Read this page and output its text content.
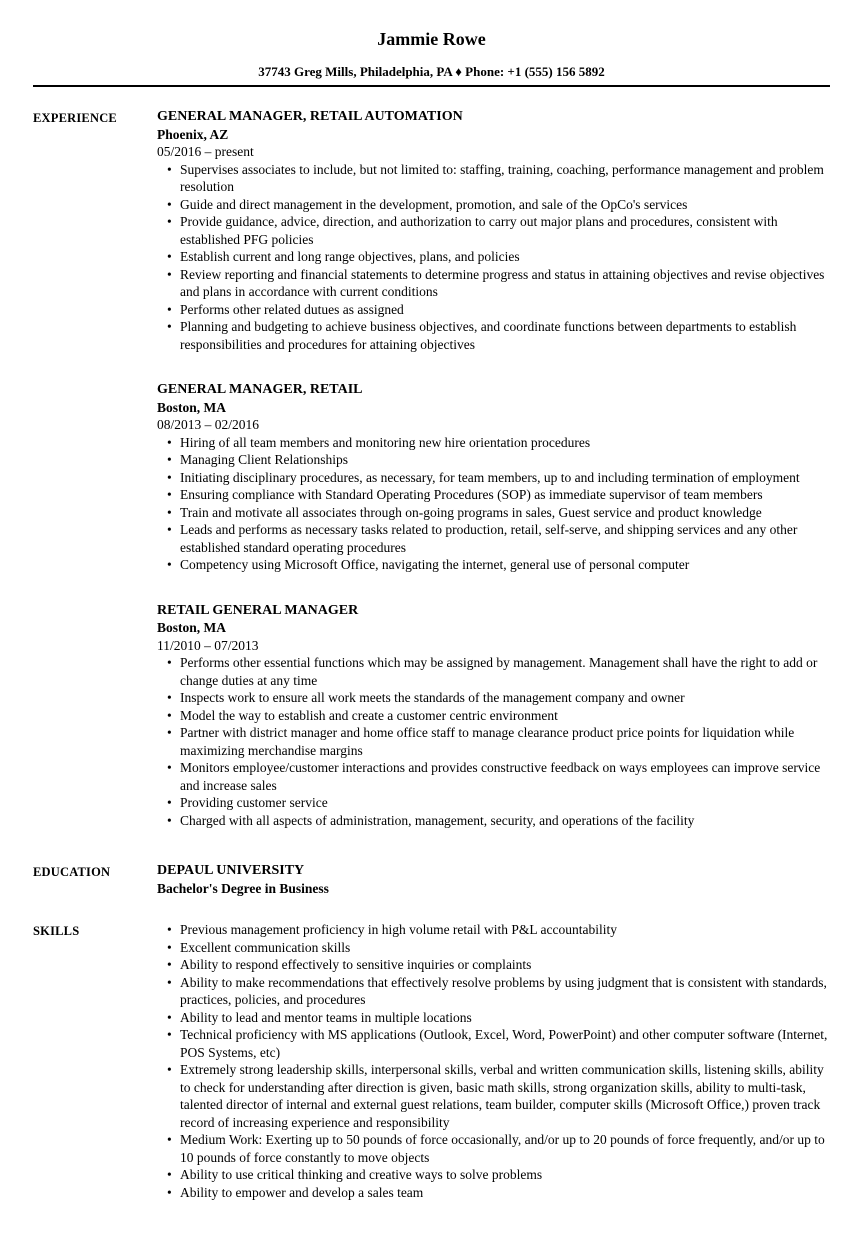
Jammie Rowe
37743 Greg Mills, Philadelphia, PA ♦ Phone: +1 (555) 156 5892
EXPERIENCE	GENERAL MANAGER, RETAIL AUTOMATION
Phoenix, AZ
05/2016 – present
• Supervises associates to include, but not limited to: staffing, training, coaching, performance management and problem resolution
• Guide and direct management in the development, promotion, and sale of the OpCo's services
• Provide guidance, advice, direction, and authorization to carry out major plans and procedures, consistent with established PFG policies
• Establish current and long range objectives, plans, and policies
• Review reporting and financial statements to determine progress and status in attaining objectives and revise objectives and plans in accordance with current conditions
• Performs other related dutues as assigned
• Planning and budgeting to achieve business objectives, and coordinate functions between departments to establish responsibilities and procedures for attaining objectives
GENERAL MANAGER, RETAIL
Boston, MA
08/2013 – 02/2016
• Hiring of all team members and monitoring new hire orientation procedures
• Managing Client Relationships
• Initiating disciplinary procedures, as necessary, for team members, up to and including termination of employment
• Ensuring compliance with Standard Operating Procedures (SOP) as immediate supervisor of team members
• Train and motivate all associates through on-going programs in sales, Guest service and product knowledge
• Leads and performs as necessary tasks related to production, retail, self-serve, and shipping services and any other established standard operating procedures
• Competency using Microsoft Office, navigating the internet, general use of personal computer
RETAIL GENERAL MANAGER
Boston, MA
11/2010 – 07/2013
• Performs other essential functions which may be assigned by management. Management shall have the right to add or change duties at any time
• Inspects work to ensure all work meets the standards of the management company and owner
• Model the way to establish and create a customer centric environment
• Partner with district manager and home office staff to manage clearance product price points for liquidation while maximizing merchandise margins
• Monitors employee/customer interactions and provides constructive feedback on ways employees can improve service and increase sales
• Providing customer service
• Charged with all aspects of administration, management, security, and operations of the facility
EDUCATION	DEPAUL UNIVERSITY
Bachelor's Degree in Business
SKILLS	• Previous management proficiency in high volume retail with P&L accountability
• Excellent communication skills
• Ability to respond effectively to sensitive inquiries or complaints
• Ability to make recommendations that effectively resolve problems by using judgment that is consistent with standards, practices, policies, and procedures
• Ability to lead and mentor teams in multiple locations
• Technical proficiency with MS applications (Outlook, Excel, Word, PowerPoint) and other computer software (Internet, POS Systems, etc)
• Extremely strong leadership skills, interpersonal skills, verbal and written communication skills, listening skills, ability to check for understanding after direction is given, basic math skills, strong organization skills, ability to multi-task, talented director of internal and external guest relations, team builder, computer skills (Microsoft Office,) proven track record of increasing experience and responsibility
• Medium Work: Exerting up to 50 pounds of force occasionally, and/or up to 20 pounds of force frequently, and/or up to 10 pounds of force constantly to move objects
• Ability to use critical thinking and creative ways to solve problems
• Ability to empower and develop a sales team
